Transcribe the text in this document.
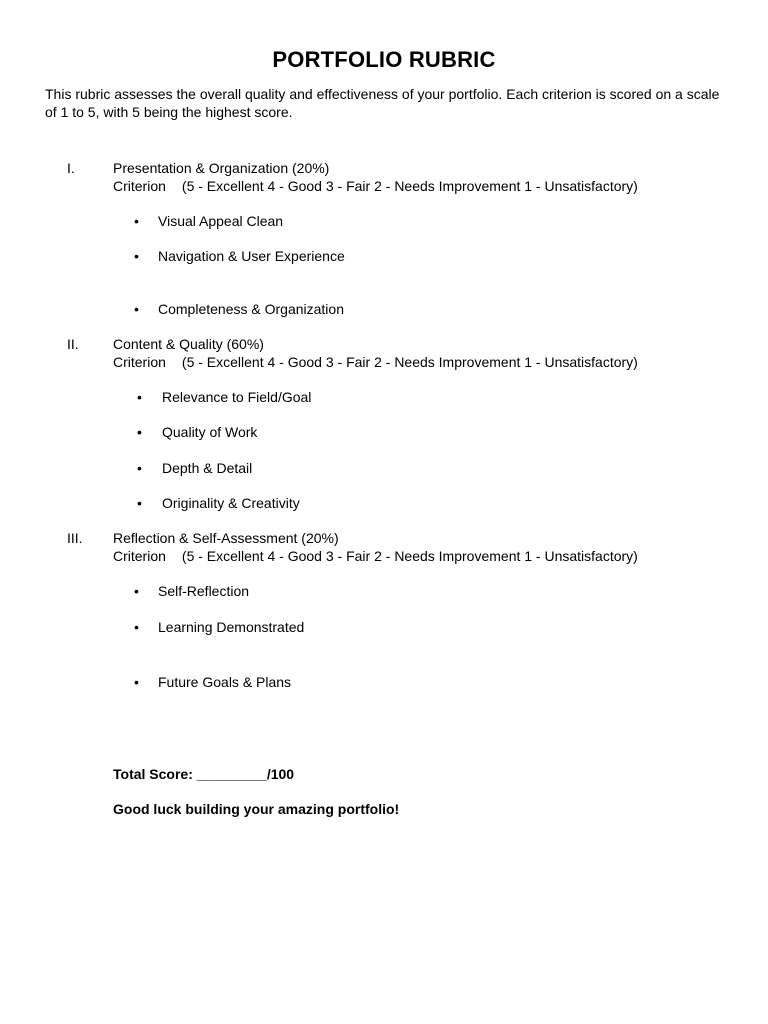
PORTFOLIO RUBRIC
This rubric assesses the overall quality and effectiveness of your portfolio. Each criterion is scored on a scale of 1 to 5, with 5 being the highest score.
I.	Presentation & Organization (20%)
Criterion (5 - Excellent 4 - Good 3 - Fair 2 - Needs Improvement 1 - Unsatisfactory)
• Visual Appeal Clean
• Navigation & User Experience
• Completeness & Organization
II. Content & Quality (60%)
Criterion (5 - Excellent 4 - Good 3 - Fair 2 - Needs Improvement 1 - Unsatisfactory)
• Relevance to Field/Goal
• Quality of Work
• Depth & Detail
• Originality & Creativity
III. Reflection & Self-Assessment (20%)
Criterion (5 - Excellent 4 - Good 3 - Fair 2 - Needs Improvement 1 - Unsatisfactory)
• Self-Reflection
• Learning Demonstrated
• Future Goals & Plans
Total Score: _________/100
Good luck building your amazing portfolio!
